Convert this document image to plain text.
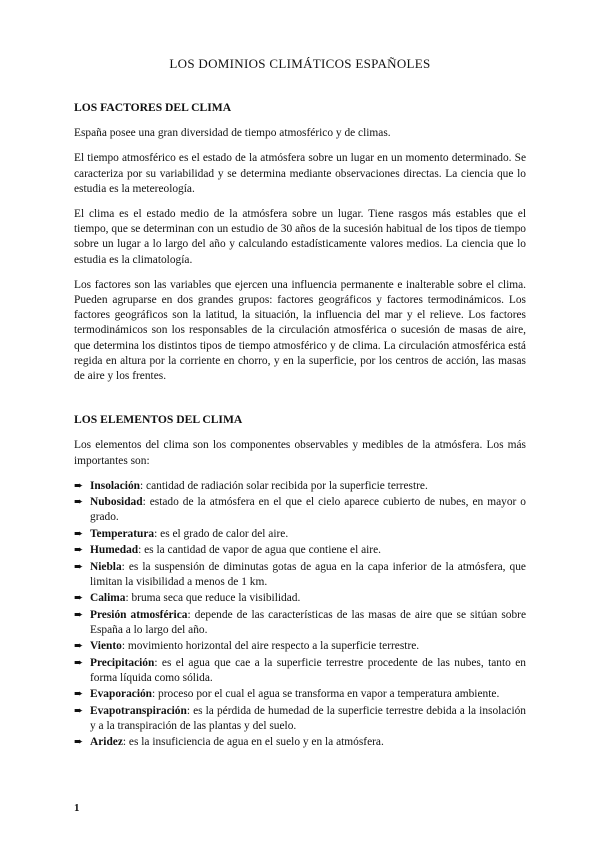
LOS DOMINIOS CLIMÁTICOS ESPAÑOLES
LOS FACTORES DEL CLIMA

España posee una gran diversidad de tiempo atmosférico y de climas.

El tiempo atmosférico es el estado de la atmósfera sobre un lugar en un momento determinado. Se caracteriza por su variabilidad y se determina mediante observaciones directas. La ciencia que lo estudia es la metereología.

El clima es el estado medio de la atmósfera sobre un lugar. Tiene rasgos más estables que el tiempo, que se determinan con un estudio de 30 años de la sucesión habitual de los tipos de tiempo sobre un lugar a lo largo del año y calculando estadísticamente valores medios. La ciencia que lo estudia es la climatología.

Los factores son las variables que ejercen una influencia permanente e inalterable sobre el clima. Pueden agruparse en dos grandes grupos: factores geográficos y factores termodinámicos. Los factores geográficos son la latitud, la situación, la influencia del mar y el relieve. Los factores termodinámicos son los responsables de la circulación atmosférica o sucesión de masas de aire, que determina los distintos tipos de tiempo atmosférico y de clima. La circulación atmosférica está regida en altura por la corriente en chorro, y en la superficie, por los centros de acción, las masas de aire y los frentes.

LOS ELEMENTOS DEL CLIMA

Los elementos del clima son los componentes observables y medibles de la atmósfera. Los más importantes son:

➨ Insolación: cantidad de radiación solar recibida por la superficie terrestre.
➨ Nubosidad: estado de la atmósfera en el que el cielo aparece cubierto de nubes, en mayor o grado.
➨ Temperatura: es el grado de calor del aire.
➨ Humedad: es la cantidad de vapor de agua que contiene el aire.
➨ Niebla: es la suspensión de diminutas gotas de agua en la capa inferior de la atmósfera, que limitan la visibilidad a menos de 1 km.
➨ Calima: bruma seca que reduce la visibilidad.
➨ Presión atmosférica: depende de las características de las masas de aire que se sitúan sobre España a lo largo del año.
➨ Viento: movimiento horizontal del aire respecto a la superficie terrestre.
➨ Precipitación: es el agua que cae a la superficie terrestre procedente de las nubes, tanto en forma líquida como sólida.
➨ Evaporación: proceso por el cual el agua se transforma en vapor a temperatura ambiente.
➨ Evapotranspiración: es la pérdida de humedad de la superficie terrestre debida a la insolación y a la transpiración de las plantas y del suelo.
➨ Aridez: es la insuficiencia de agua en el suelo y en la atmósfera.
1
